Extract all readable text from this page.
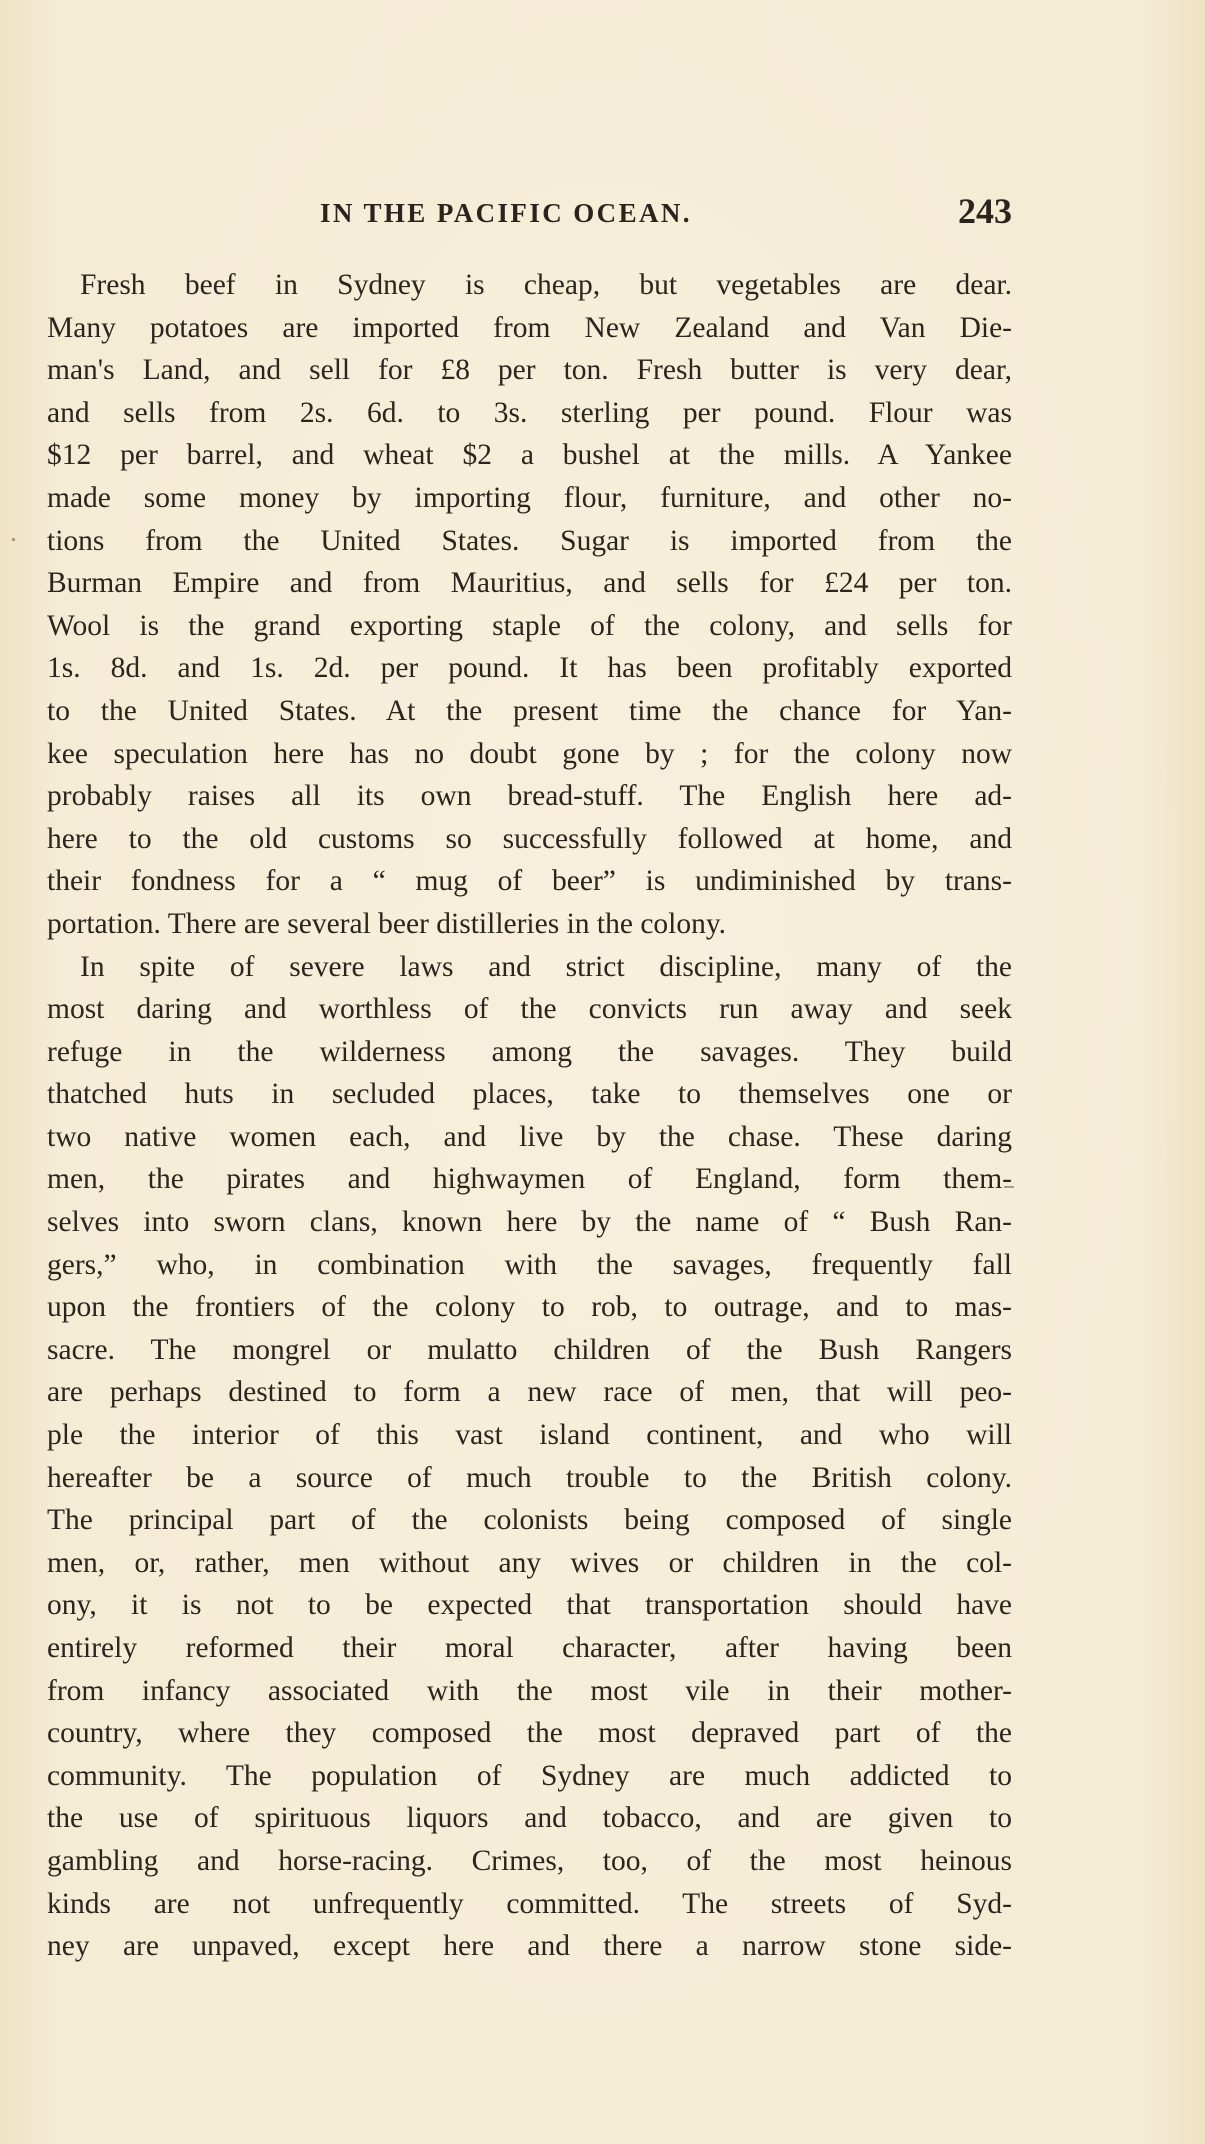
IN THE PACIFIC OCEAN.	243
Fresh beef in Sydney is cheap, but vegetables are dear.
Many potatoes are imported from New Zealand and Van Die-
man's Land, and sell for £8 per ton. Fresh butter is very dear,
and sells from 2s. 6d. to 3s. sterling per pound. Flour was
$12 per barrel, and wheat $2 a bushel at the mills. A Yankee
made some money by importing flour, furniture, and other no-
tions from the United States. Sugar is imported from the
Burman Empire and from Mauritius, and sells for £24 per ton.
Wool is the grand exporting staple of the colony, and sells for
1s. 8d. and 1s. 2d. per pound. It has been profitably exported
to the United States. At the present time the chance for Yan-
kee speculation here has no doubt gone by ; for the colony now
probably raises all its own bread-stuff. The English here ad-
here to the old customs so successfully followed at home, and
their fondness for a “ mug of beer” is undiminished by trans-
portation. There are several beer distilleries in the colony.
In spite of severe laws and strict discipline, many of the
most daring and worthless of the convicts run away and seek
refuge in the wilderness among the savages. They build
thatched huts in secluded places, take to themselves one or
two native women each, and live by the chase. These daring
men, the pirates and highwaymen of England, form them-
selves into sworn clans, known here by the name of “ Bush Ran-
gers,” who, in combination with the savages, frequently fall
upon the frontiers of the colony to rob, to outrage, and to mas-
sacre. The mongrel or mulatto children of the Bush Rangers
are perhaps destined to form a new race of men, that will peo-
ple the interior of this vast island continent, and who will
hereafter be a source of much trouble to the British colony.
The principal part of the colonists being composed of single
men, or, rather, men without any wives or children in the col-
ony, it is not to be expected that transportation should have
entirely reformed their moral character, after having been
from infancy associated with the most vile in their mother-
country, where they composed the most depraved part of the
community. The population of Sydney are much addicted to
the use of spirituous liquors and tobacco, and are given to
gambling and horse-racing. Crimes, too, of the most heinous
kinds are not unfrequently committed. The streets of Syd-
ney are unpaved, except here and there a narrow stone side-
